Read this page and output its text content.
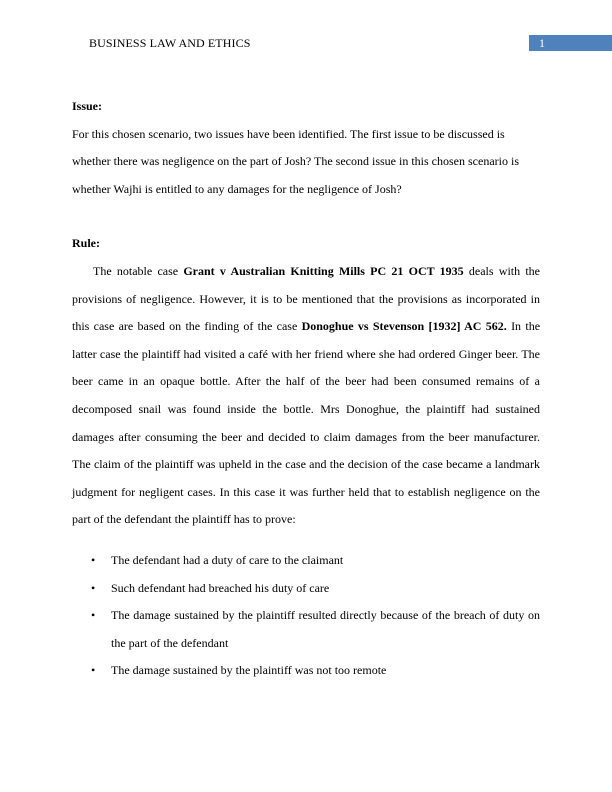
BUSINESS LAW AND ETHICS	1

Issue:

For this chosen scenario, two issues have been identified. The first issue to be discussed is whether there was negligence on the part of Josh? The second issue in this chosen scenario is whether Wajhi is entitled to any damages for the negligence of Josh?

Rule:

The notable case Grant v Australian Knitting Mills PC 21 OCT 1935 deals with the provisions of negligence. However, it is to be mentioned that the provisions as incorporated in this case are based on the finding of the case Donoghue vs Stevenson [1932] AC 562. In the latter case the plaintiff had visited a café with her friend where she had ordered Ginger beer. The beer came in an opaque bottle. After the half of the beer had been consumed remains of a decomposed snail was found inside the bottle. Mrs Donoghue, the plaintiff had sustained damages after consuming the beer and decided to claim damages from the beer manufacturer. The claim of the plaintiff was upheld in the case and the decision of the case became a landmark judgment for negligent cases. In this case it was further held that to establish negligence on the part of the defendant the plaintiff has to prove:

• The defendant had a duty of care to the claimant
• Such defendant had breached his duty of care
• The damage sustained by the plaintiff resulted directly because of the breach of duty on the part of the defendant
• The damage sustained by the plaintiff was not too remote
